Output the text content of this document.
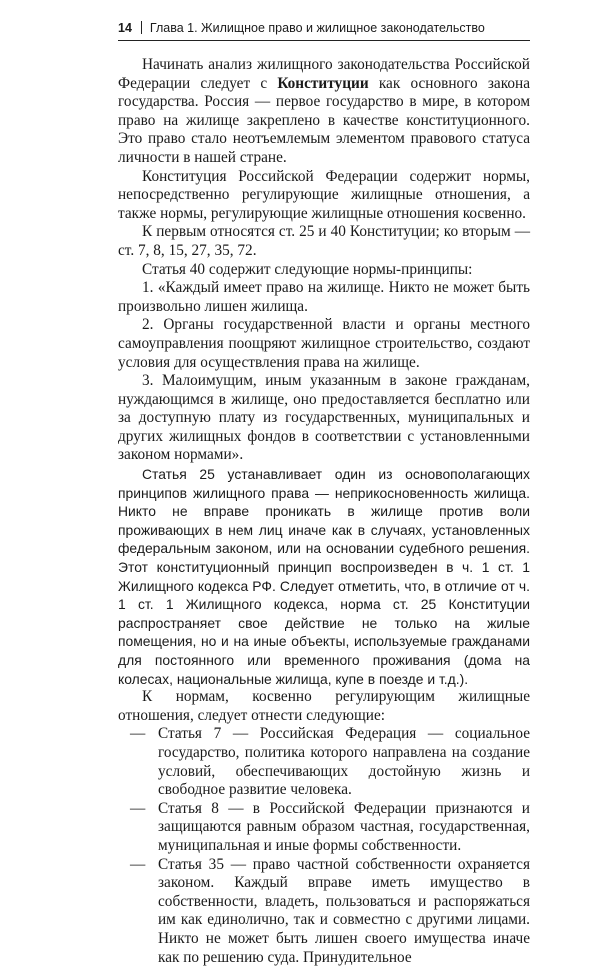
14 Глава 1. Жилищное право и жилищное законодательство

Начинать анализ жилищного законодательства Российской Федерации следует с Конституции как основного закона государства. Россия — первое государство в мире, в котором право на жилище закреплено в качестве конституционного. Это право стало неотъемлемым элементом правового статуса личности в нашей стране.

Конституция Российской Федерации содержит нормы, непосредственно регулирующие жилищные отношения, а также нормы, регулирующие жилищные отношения косвенно.

К первым относятся ст. 25 и 40 Конституции; ко вторым — ст. 7, 8, 15, 27, 35, 72.

Статья 40 содержит следующие нормы-принципы:

1. «Каждый имеет право на жилище. Никто не может быть произвольно лишен жилища.

2. Органы государственной власти и органы местного самоуправления поощряют жилищное строительство, создают условия для осуществления права на жилище.

3. Малоимущим, иным указанным в законе гражданам, нуждающимся в жилище, оно предоставляется бесплатно или за доступную плату из государственных, муниципальных и других жилищных фондов в соответствии с установленными законом нормами».

Статья 25 устанавливает один из основополагающих принципов жилищного права — неприкосновенность жилища. Никто не вправе проникать в жилище против воли проживающих в нем лиц иначе как в случаях, установленных федеральным законом, или на основании судебного решения. Этот конституционный принцип воспроизведен в ч. 1 ст. 1 Жилищного кодекса РФ. Следует отметить, что, в отличие от ч. 1 ст. 1 Жилищного кодекса, норма ст. 25 Конституции распространяет свое действие не только на жилые помещения, но и на иные объекты, используемые гражданами для постоянного или временного проживания (дома на колесах, национальные жилища, купе в поезде и т.д.).

К нормам, косвенно регулирующим жилищные отношения, следует отнести следующие:

— Статья 7 — Российская Федерация — социальное государство, политика которого направлена на создание условий, обеспечивающих достойную жизнь и свободное развитие человека.
— Статья 8 — в Российской Федерации признаются и защищаются равным образом частная, государственная, муниципальная и иные формы собственности.
— Статья 35 — право частной собственности охраняется законом. Каждый вправе иметь имущество в собственности, владеть, пользоваться и распоряжаться им как единолично, так и совместно с другими лицами. Никто не может быть лишен своего имущества иначе как по решению суда. Принудительное
